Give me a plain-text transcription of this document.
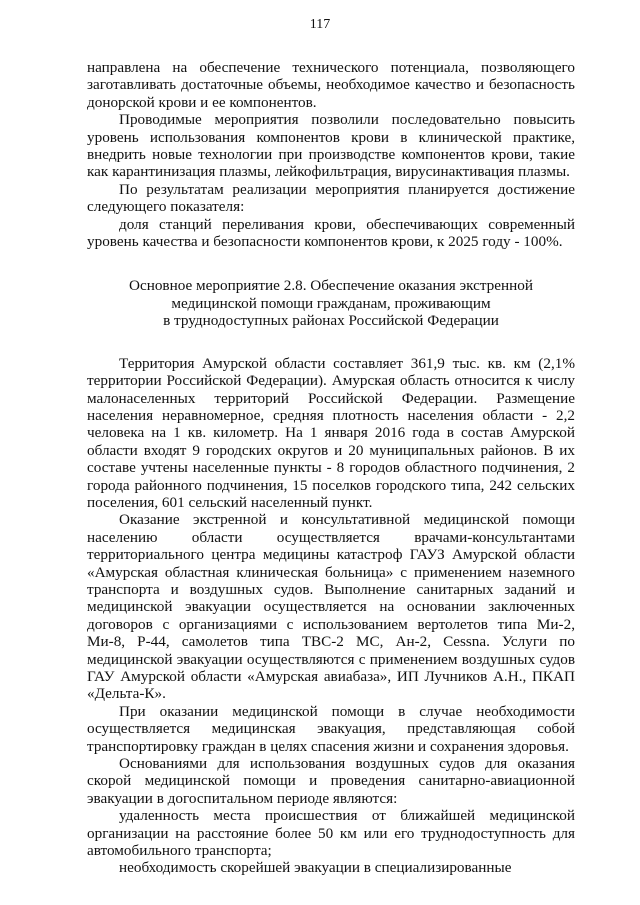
117

направлена на обеспечение технического потенциала, позволяющего заготавливать достаточные объемы, необходимое качество и безопасность донорской крови и ее компонентов.

Проводимые мероприятия позволили последовательно повысить уровень использования компонентов крови в клинической практике, внедрить новые технологии при производстве компонентов крови, такие как карантинизация плазмы, лейкофильтрация, вирусинактивация плазмы.

По результатам реализации мероприятия планируется достижение следующего показателя:

доля станций переливания крови, обеспечивающих современный уровень качества и безопасности компонентов крови, к 2025 году - 100%.

Основное мероприятие 2.8. Обеспечение оказания экстренной

медицинской помощи гражданам, проживающим

в труднодоступных районах Российской Федерации

Территория Амурской области составляет 361,9 тыс. кв. км (2,1% территории Российской Федерации). Амурская область относится к числу малонаселенных территорий Российской Федерации. Размещение населения неравномерное, средняя плотность населения области - 2,2 человека на 1 кв. километр. На 1 января 2016 года в состав Амурской области входят 9 городских округов и 20 муниципальных районов. В их составе учтены населенные пункты - 8 городов областного подчинения, 2 города районного подчинения, 15 поселков городского типа, 242 сельских поселения, 601 сельский населенный пункт.

Оказание экстренной и консультативной медицинской помощи населению области осуществляется врачами-консультантами территориального центра медицины катастроф ГАУЗ Амурской области «Амурская областная клиническая больница» с применением наземного транспорта и воздушных судов. Выполнение санитарных заданий и медицинской эвакуации осуществляется на основании заключенных договоров с организациями с использованием вертолетов типа Ми-2, Ми-8, Р-44, самолетов типа ТВС-2 МС, Ан-2, Cessna. Услуги по медицинской эвакуации осуществляются с применением воздушных судов ГАУ Амурской области «Амурская авиабаза», ИП Лучников А.Н., ПКАП «Дельта-К».

При оказании медицинской помощи в случае необходимости осуществляется медицинская эвакуация, представляющая собой транспортировку граждан в целях спасения жизни и сохранения здоровья.

Основаниями для использования воздушных судов для оказания скорой медицинской помощи и проведения санитарно-авиационной эвакуации в догоспитальном периоде являются:

удаленность места происшествия от ближайшей медицинской организации на расстояние более 50 км или его труднодоступность для автомобильного транспорта;

необходимость скорейшей эвакуации в специализированные
